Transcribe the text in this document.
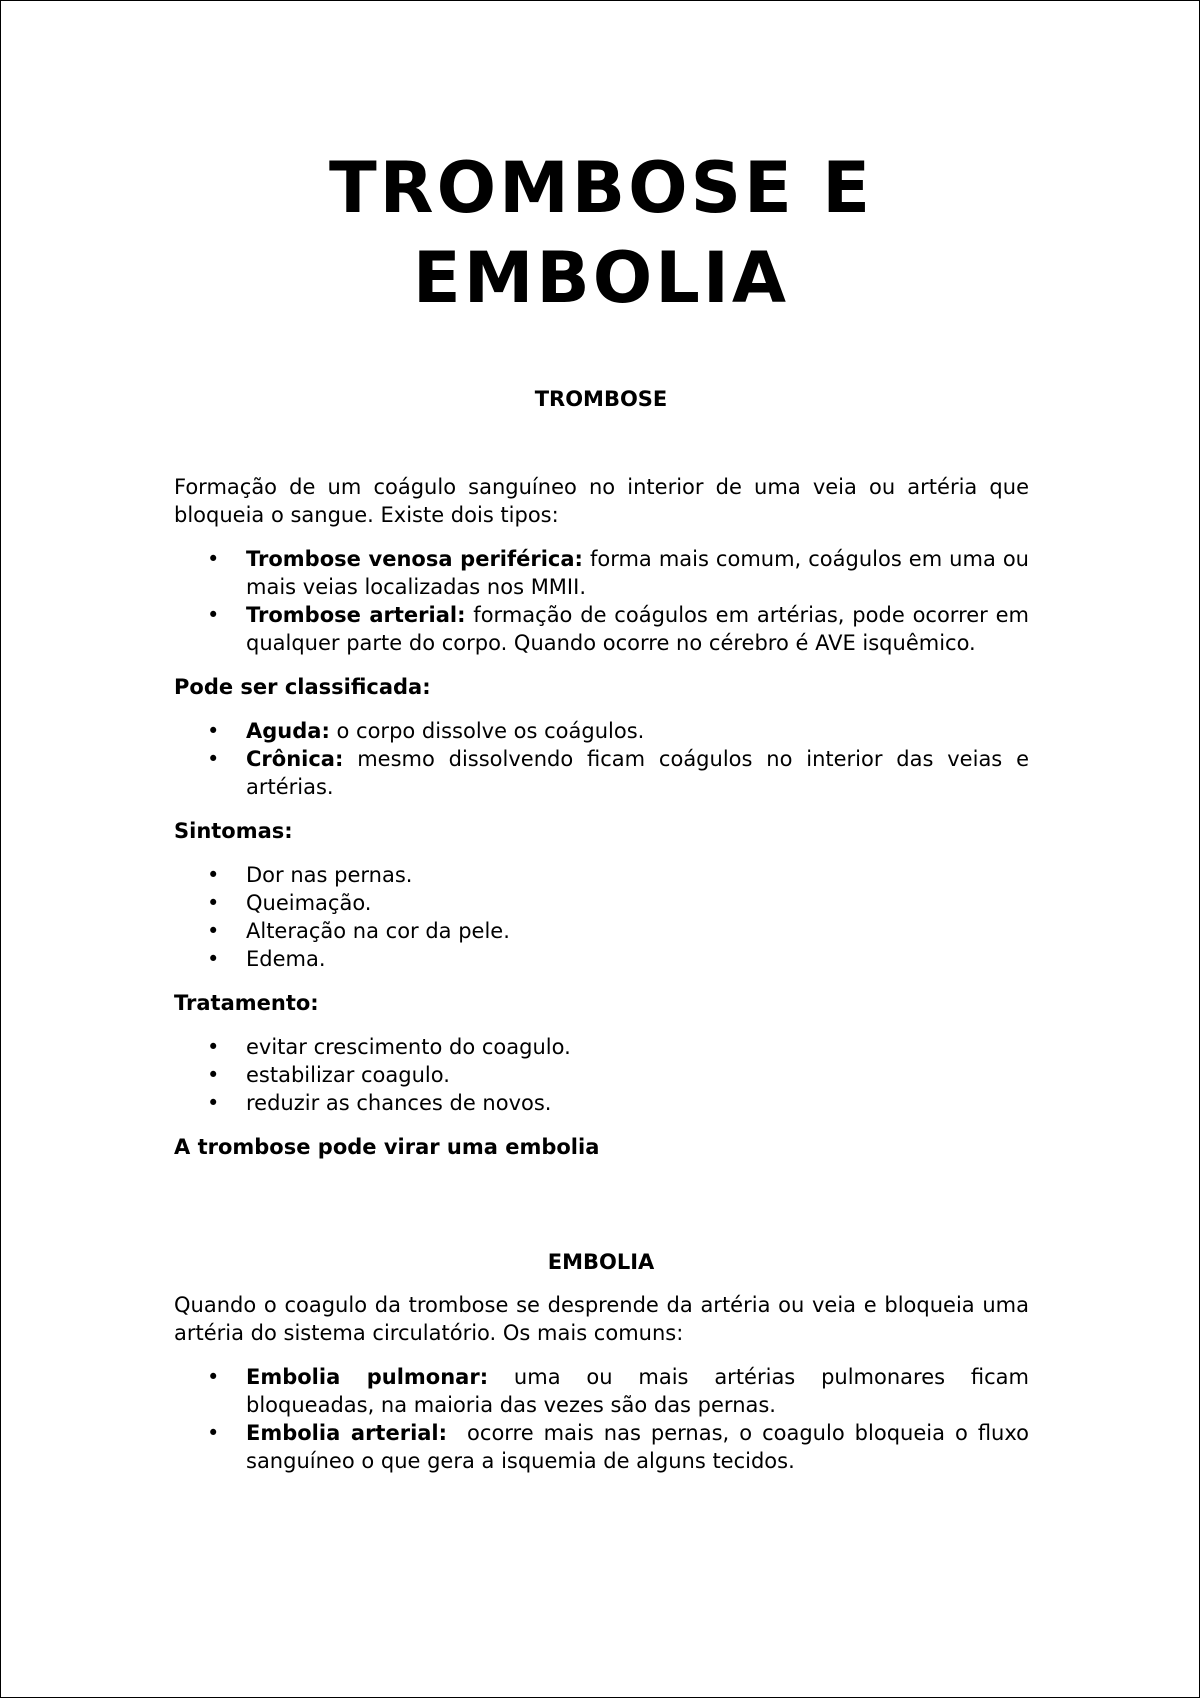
TROMBOSE E
EMBOLIA
TROMBOSE

Formação de um coágulo sanguíneo no interior de uma veia ou artéria que bloqueia o sangue. Existe dois tipos:

• Trombose venosa periférica: forma mais comum, coágulos em uma ou mais veias localizadas nos MMII.
• Trombose arterial: formação de coágulos em artérias, pode ocorrer em qualquer parte do corpo. Quando ocorre no cérebro é AVE isquêmico.

Pode ser classificada:

• Aguda: o corpo dissolve os coágulos.
• Crônica: mesmo dissolvendo ficam coágulos no interior das veias e artérias.

Sintomas:

• Dor nas pernas.
• Queimação.
• Alteração na cor da pele.
• Edema.

Tratamento:

• evitar crescimento do coagulo.
• estabilizar coagulo.
• reduzir as chances de novos.

A trombose pode virar uma embolia

EMBOLIA

Quando o coagulo da trombose se desprende da artéria ou veia e bloqueia uma artéria do sistema circulatório. Os mais comuns:

• Embolia pulmonar: uma ou mais artérias pulmonares ficam bloqueadas, na maioria das vezes são das pernas.
• Embolia arterial:  ocorre mais nas pernas, o coagulo bloqueia o fluxo sanguíneo o que gera a isquemia de alguns tecidos.
